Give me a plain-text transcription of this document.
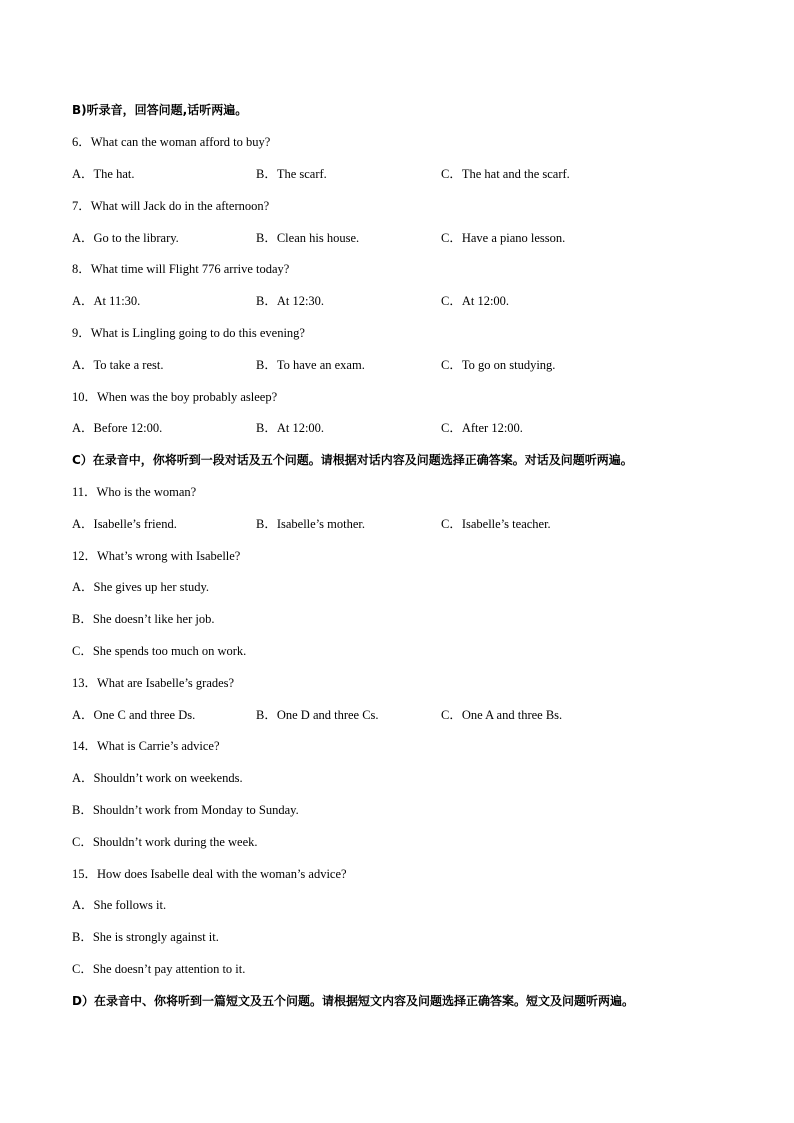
B)听录音，回答问题,话听两遍。
6．What can the woman afford to buy?
A．The hat.	B．The scarf.	C．The hat and the scarf.
7．What will Jack do in the afternoon?
A．Go to the library.	B．Clean his house.	C．Have a piano lesson.
8．What time will Flight 776 arrive today?
A．At 11:30.	B．At 12:30.	C．At 12:00.
9．What is Lingling going to do this evening?
A．To take a rest.	B．To have an exam.	C．To go on studying.
10．When was the boy probably asleep?
A．Before 12:00.	B．At 12:00.	C．After 12:00.
C）在录音中，你将听到一段对话及五个问题。请根据对话内容及问题选择正确答案。对话及问题听两遍。
11．Who is the woman?
A．Isabelle’s friend.	B．Isabelle’s mother.	C．Isabelle’s teacher.
12．What’s wrong with Isabelle?
A．She gives up her study.
B．She doesn’t like her job.
C．She spends too much on work.
13．What are Isabelle’s grades?
A．One C and three Ds.	B．One D and three Cs.	C．One A and three Bs.
14．What is Carrie’s advice?
A．Shouldn’t work on weekends.
B．Shouldn’t work from Monday to Sunday.
C．Shouldn’t work during the week.
15．How does Isabelle deal with the woman’s advice?
A．She follows it.
B．She is strongly against it.
C．She doesn’t pay attention to it.
D）在录音中、你将听到一篇短文及五个问题。请根据短文内容及问题选择正确答案。短文及问题听两遍。
